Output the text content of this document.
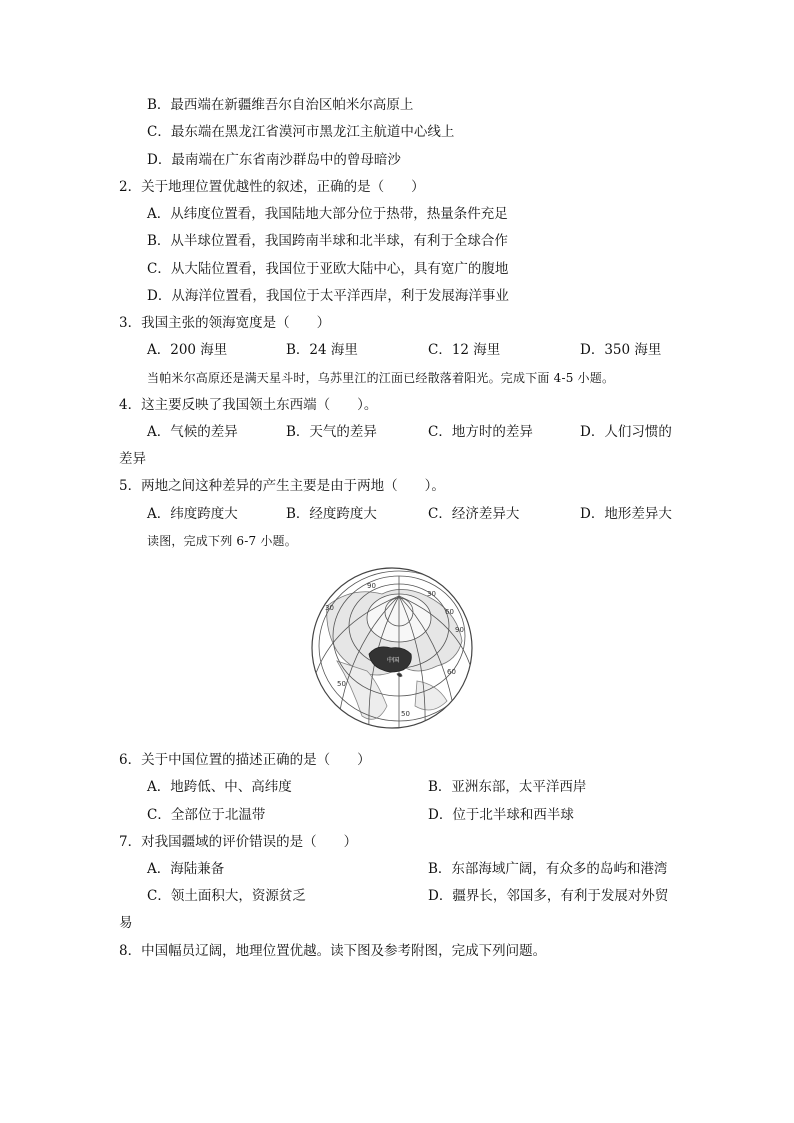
B．最西端在新疆维吾尔自治区帕米尔高原上
C．最东端在黑龙江省漠河市黑龙江主航道中心线上
D．最南端在广东省南沙群岛中的曾母暗沙
2．关于地理位置优越性的叙述，正确的是（　　）
A．从纬度位置看，我国陆地大部分位于热带，热量条件充足
B．从半球位置看，我国跨南半球和北半球，有利于全球合作
C．从大陆位置看，我国位于亚欧大陆中心，具有宽广的腹地
D．从海洋位置看，我国位于太平洋西岸，利于发展海洋事业
3．我国主张的领海宽度是（　　）
A．200 海里	B．24 海里	C．12 海里	D．350 海里
当帕米尔高原还是满天星斗时，乌苏里江的江面已经散落着阳光。完成下面 4-5 小题。
4．这主要反映了我国领土东西端（　　）。
A．气候的差异	B．天气的差异	C．地方时的差异	D．人们习惯的
差异
5．两地之间这种差异的产生主要是由于两地（　　）。
A．纬度跨度大	B．经度跨度大	C．经济差异大	D．地形差异大
读图，完成下列 6-7 小题。
中国
30
60
90
60
50
30
50
90
6．关于中国位置的描述正确的是（　　）
A．地跨低、中、高纬度	B．亚洲东部，太平洋西岸
C．全部位于北温带	D．位于北半球和西半球
7．对我国疆域的评价错误的是（　　）
A．海陆兼备	B．东部海域广阔，有众多的岛屿和港湾
C．领土面积大，资源贫乏	D．疆界长，邻国多，有利于发展对外贸
易
8．中国幅员辽阔，地理位置优越。读下图及参考附图，完成下列问题。
